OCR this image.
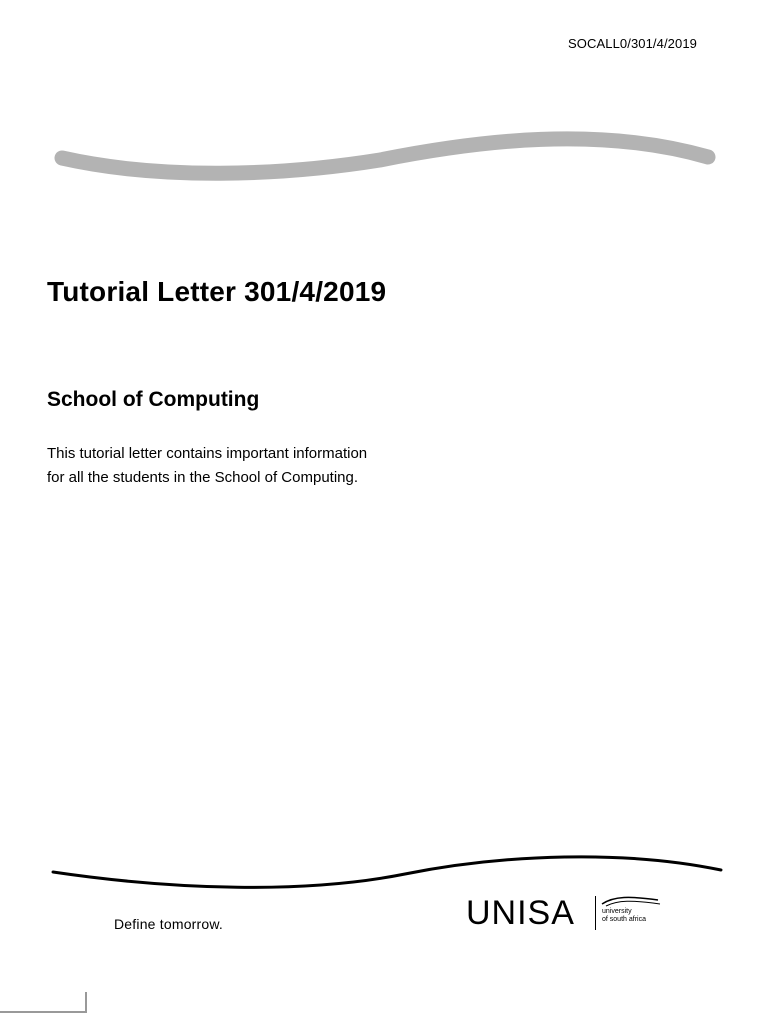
SOCALL0/301/4/2019
Tutorial Letter 301/4/2019
School of Computing

This tutorial letter contains important information
for all the students in the School of Computing.

Define tomorrow.	UNISA	university
of south africa
